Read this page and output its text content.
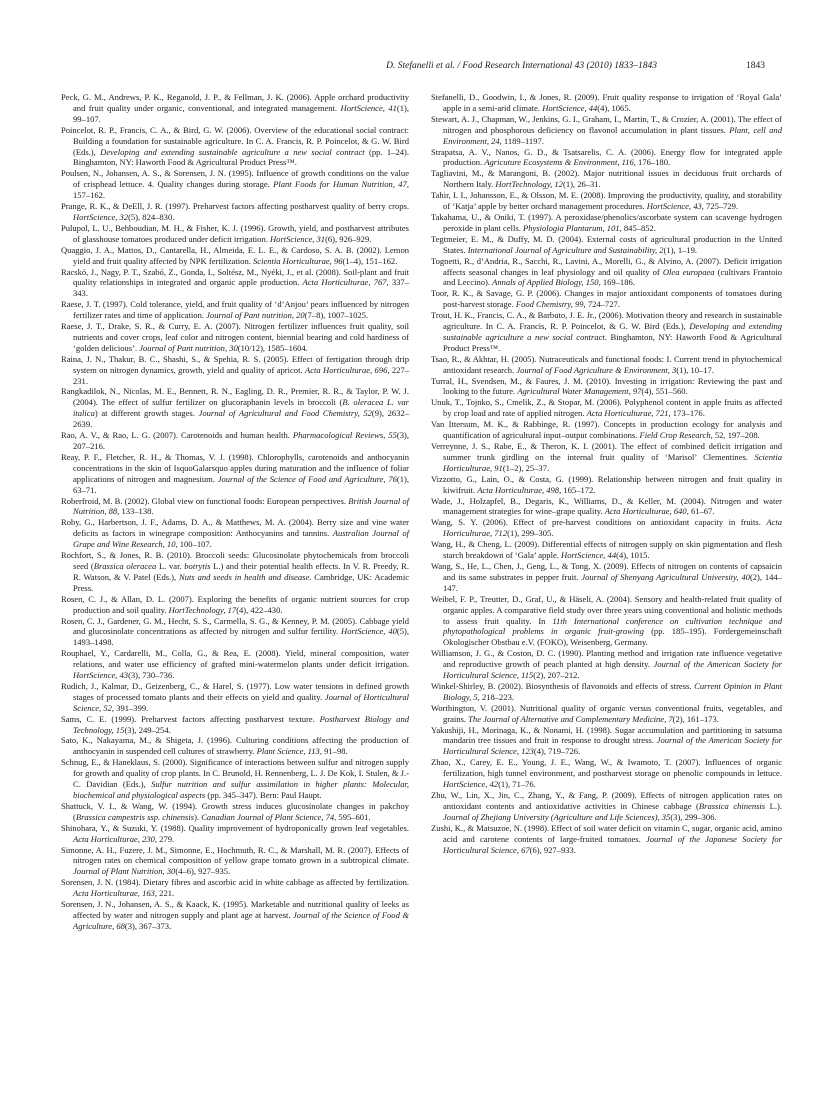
D. Stefanelli et al. / Food Research International 43 (2010) 1833–1843	1843

Peck, G. M., Andrews, P. K., Reganold, J. P., & Fellman, J. K. (2006). Apple orchard productivity and fruit quality under organic, conventional, and integrated management. HortScience, 41(1), 99–107.

Poincelot, R. P., Francis, C. A., & Bird, G. W. (2006). Overview of the educational social contract: Building a foundation for sustainable agriculture. In C. A. Francis, R. P. Poincelot, & G. W. Bird (Eds.), Developing and extending sustainable agriculture a new social contract (pp. 1–24). Binghamton, NY: Haworth Food & Agricultural Product Press™.

Poulsen, N., Johansen, A. S., & Sorensen, J. N. (1995). Influence of growth conditions on the value of crisphead lettuce. 4. Quality changes during storage. Plant Foods for Human Nutrition, 47, 157–162.

Prange, R. K., & DeEll, J. R. (1997). Preharvest factors affecting postharvest quality of berry crops. HortScience, 32(5), 824–830.

Pulupol, L. U., Behboudian, M. H., & Fisher, K. J. (1996). Growth, yield, and postharvest attributes of glasshouse tomatoes produced under deficit irrigation. HortScience, 31(6), 926–929.

Quaggio, J. A., Mattos, D., Cantarella, H., Almeida, E. L. E., & Cardoso, S. A. B. (2002). Lemon yield and fruit quality affected by NPK fertilization. Scientia Horticulturae, 96(1–4), 151–162.

Racskó, J., Nagy, P. T., Szabó, Z., Gonda, I., Soltész, M., Nyéki, J., et al. (2008). Soil-plant and fruit quality relationships in integrated and organic apple production. Acta Horticulturae, 767, 337–343.

Raese, J. T. (1997). Cold tolerance, yield, and fruit quality of ‘d’Anjou’ pears influenced by nitrogen fertilizer rates and time of application. Journal of Pant nutrition, 20(7–8), 1007–1025.

Raese, J. T., Drake, S. R., & Curry, E. A. (2007). Nitrogen fertilizer influences fruit quality, soil nutrients and cover crops, leaf color and nitrogen content, biennial bearing and cold hardiness of ‘golden delicious’. Journal of Pant nutrition, 30(10/12), 1585–1604.

Raina, J. N., Thakur, B. C., Shashi, S., & Spehia, R. S. (2005). Effect of fertigation through drip system on nitrogen dynamics, growth, yield and quality of apricot. Acta Horticulturae, 696, 227–231.

Rangkadilok, N., Nicolas, M. E., Bennett, R. N., Eagling, D. R., Premier, R. R., & Taylor, P. W. J. (2004). The effect of sulfur fertilizer on glucoraphanin levels in broccoli (B. oleracea L. var italica) at different growth stages. Journal of Agricultural and Food Chemistry, 52(9), 2632–2639.

Rao, A. V., & Rao, L. G. (2007). Carotenoids and human health. Pharmacological Reviews, 55(3), 207–216.

Reay, P. F., Fletcher, R. H., & Thomas, V. J. (1998). Chlorophylls, carotenoids and anthocyanin concentrations in the skin of IsquoGalarsquo apples during maturation and the influence of foliar applications of nitrogen and magnesium. Journal of the Science of Food and Agriculture, 76(1), 63–71.

Roberfroid, M. B. (2002). Global view on functional foods: European perspectives. British Journal of Nutrition, 88, 133–138.

Roby, G., Harbertson, J. F., Adams, D. A., & Matthews, M. A. (2004). Berry size and vine water deficits as factors in winegrape composition: Anthocyanins and tannins. Australian Journal of Grape and Wine Research, 10, 100–107.

Rochfort, S., & Jones, R. B. (2010). Broccoli seeds: Glucosinolate phytochemicals from broccoli seed (Brassica oleracea L. var. botrytis L.) and their potential health effects. In V. R. Preedy, R. R. Watson, & V. Patel (Eds.), Nuts and seeds in health and disease. Cambridge, UK: Academic Press.

Rosen, C. J., & Allan, D. L. (2007). Exploring the benefits of organic nutrient sources for crop production and soil quality. HortTechnology, 17(4), 422–430.

Rosen, C. J., Gardener, G. M., Hecht, S. S., Carmella, S. G., & Kenney, P. M. (2005). Cabbage yield and glucosinolate concentrations as affected by nitrogen and sulfur fertility. HortScience, 40(5), 1493–1498.

Rouphael, Y., Cardarelli, M., Colla, G., & Rea, E. (2008). Yield, mineral composition, water relations, and water use efficiency of grafted mini-watermelon plants under deficit irrigation. HortScience, 43(3), 730–736.

Rudich, J., Kalmar, D., Geizenberg, C., & Harel, S. (1977). Low water tensions in defined growth stages of processed tomato plants and their effects on yield and quality. Journal of Horticultural Science, 52, 391–399.

Sams, C. E. (1999). Preharvest factors affecting postharvest texture. Postharvest Biology and Technology, 15(3), 249–254.

Sato, K., Nakayama, M., & Shigeta, J. (1996). Culturing conditions affecting the production of anthocyanin in suspended cell cultures of strawberry. Plant Science, 113, 91–98.

Schnug, E., & Haneklaus, S. (2000). Significance of interactions between sulfur and nitrogen supply for growth and quality of crop plants. In C. Brunold, H. Rennenberg, L. J. De Kok, I. Stulen, & J.-C. Davidian (Eds.), Sulfur nutrition and sulfur assimilation in higher plants: Molecular, biochemical and physiological aspects (pp. 345–347). Bern: Paul Haupt.

Shattuck, V. I., & Wang, W. (1994). Growth stress induces glucosinolate changes in pakchoy (Brassica campestris ssp. chinensis). Canadian Journal of Plant Science, 74, 595–601.

Shinohara, Y., & Suzuki, Y. (1988). Quality improvement of hydroponically grown leaf vegetables. Acta Horticulturae, 230, 279.

Simonne, A. H., Fuzere, J. M., Simonne, E., Hochmuth, R. C., & Marshall, M. R. (2007). Effects of nitrogen rates on chemical composition of yellow grape tomato grown in a subtropical climate. Journal of Plant Nutrition, 30(4–6), 927–935.

Sorensen, J. N. (1984). Dietary fibres and ascorbic acid in white cabbage as affected by fertilization. Acta Horticulturae, 163, 221.

Sorensen, J. N., Johansen, A. S., & Kaack, K. (1995). Marketable and nutritional quality of leeks as affected by water and nitrogen supply and plant age at harvest. Journal of the Science of Food & Agriculture, 68(3), 367–373.

Stefanelli, D., Goodwin, I., & Jones, R. (2009). Fruit quality response to irrigation of ‘Royal Gala’ apple in a semi-arid climate. HortScience, 44(4), 1065.

Stewart, A. J., Chapman, W., Jenkins, G. I., Graham, I., Martin, T., & Crozier, A. (2001). The effect of nitrogen and phosphorous deficiency on flavonol accumulation in plant tissues. Plant, cell and Environment, 24, 1189–1197.

Strapatsa, A. V., Nanos, G. D., & Tsatsarelis, C. A. (2006). Energy flow for integrated apple production. Agricuture Ecosystems & Environment, 116, 176–180.

Tagliavini, M., & Marangoni, B. (2002). Major nutritional issues in deciduous fruit orchards of Northern Italy. HortTechnology, 12(1), 26–31.

Tahir, I. I., Johansson, E., & Olsson, M. E. (2008). Improving the productivity, quality, and storability of ‘Katja’ apple by better orchard management procedures. HortScience, 43, 725–729.

Takahama, U., & Oniki, T. (1997). A peroxidase/phenolics/ascorbate system can scavenge hydrogen peroxide in plant cells. Physiologia Plantarum, 101, 845–852.

Tegtmeier, E. M., & Duffy, M. D. (2004). External costs of agricultural production in the United States. International Journal of Agriculture and Sustainability, 2(1), 1–19.

Tognetti, R., d’Andria, R., Sacchi, R., Lavini, A., Morelli, G., & Alvino, A. (2007). Deficit irrigation affects seasonal changes in leaf physiology and oil quality of Olea europaea (cultivars Frantoio and Leccino). Annals of Applied Biology, 150, 169–186.

Toor, R. K., & Savage, G. P. (2006). Changes in major antioxidant components of tomatoes during post-harvest storage. Food Chemistry, 99, 724–727.

Trout, H. K., Francis, C. A., & Barbuto, J. E. Jr., (2006). Motivation theory and research in sustainable agriculture. In C. A. Francis, R. P. Poincelot, & G. W. Bird (Eds.), Developing and extending sustainable agriculture a new social contract. Binghamton, NY: Haworth Food & Agricultural Product Press™.

Tsao, R., & Akhtar, H. (2005). Nutraceuticals and functional foods: I. Current trend in phytochemical antioxidant research. Journal of Food Agriculture & Environment, 3(1), 10–17.

Turral, H., Svendsen, M., & Faures, J. M. (2010). Investing in irrigation: Reviewing the past and looking to the future. Agricultural Water Management, 97(4), 551–560.

Unuk, T., Tojnko, S., Cmelik, Z., & Stopar, M. (2006). Polyphenol content in apple fruits as affected by crop load and rate of applied nitrogen. Acta Horticulturae, 721, 173–176.

Van Ittersum, M. K., & Rabbinge, R. (1997). Concepts in production ecology for analysis and quantification of agricultural input–output combinations. Field Crop Research, 52, 197–208.

Verreynne, J. S., Rabe, E., & Theron, K. I. (2001). The effect of combined deficit irrigation and summer trunk girdling on the internal fruit quality of ‘Marisol’ Clementines. Scientia Horticulturae, 91(1–2), 25–37.

Vizzotto, G., Lain, O., & Costa, G. (1999). Relationship between nitrogen and fruit quality in kiwifruit. Acta Horticulturae, 498, 165–172.

Wade, J., Holzapfel, B., Degaris, K., Williams, D., & Keller, M. (2004). Nitrogen and water management strategies for wine–grape quality. Acta Horticulturae, 640, 61–67.

Wang, S. Y. (2006). Effect of pre-harvest conditions on antioxidant capacity in fruits. Acta Horticulturae, 712(1), 299–305.

Wang, H., & Cheng, L. (2009). Differential effects of nitrogen supply on skin pigmentation and flesh starch breakdown of ‘Gala’ apple. HortScience, 44(4), 1015.

Wang, S., He, L., Chen, J., Geng, L., & Tong, X. (2009). Effects of nitrogen on contents of capsaicin and its same substrates in pepper fruit. Journal of Shenyang Agricultural University, 40(2), 144–147.

Weibel, F. P., Treutter, D., Graf, U., & Häseli, A. (2004). Sensory and health-related fruit quality of organic apples. A comparative field study over three years using conventional and holistic methods to assess fruit quality. In 11th International conference on cultivation technique and phytopathological problems in organic fruit-growing (pp. 185–195). Fordergemeinschaft Okologischer Obstbau e.V. (FOKO), Weisenberg, Germany.

Williamson, J. G., & Coston, D. C. (1990). Planting method and irrigation rate influence vegetative and reproductive growth of peach planted at high density. Journal of the American Society for Horticultural Science, 115(2), 207–212.

Winkel-Shirley, B. (2002). Biosynthesis of flavonoids and effects of stress. Current Opinion in Plant Biology, 5, 218–223.

Worthington, V. (2001). Nutritional quality of organic versus conventional fruits, vegetables, and grains. The Journal of Alternative and Complementary Medicine, 7(2), 161–173.

Yakushiji, H., Morinaga, K., & Nonami, H. (1998). Sugar accumulation and partitioning in satsuma mandarin tree tissues and fruit in response to drought stress. Journal of the American Society for Horticultural Science, 123(4), 719–726.

Zhao, X., Carey, E. E., Young, J. E., Wang, W., & Iwamoto, T. (2007). Influences of organic fertilization, high tunnel environment, and postharvest storage on phenolic compounds in lettuce. HortScience, 42(1), 71–76.

Zhu, W., Lin, X., Jin, C., Zhang, Y., & Fang, P. (2009). Effects of nitrogen application rates on antioxidant contents and antioxidative activities in Chinese cabbage (Brassica chinensis L.). Journal of Zhejiang University (Agriculture and Life Sciences), 35(3), 299–306.

Zushi, K., & Matsuzoe, N. (1998). Effect of soil water deficit on vitamin C, sugar, organic acid, amino acid and carotene contents of large-fruited tomatoes. Journal of the Japanese Society for Horticultural Science, 67(6), 927–933.
